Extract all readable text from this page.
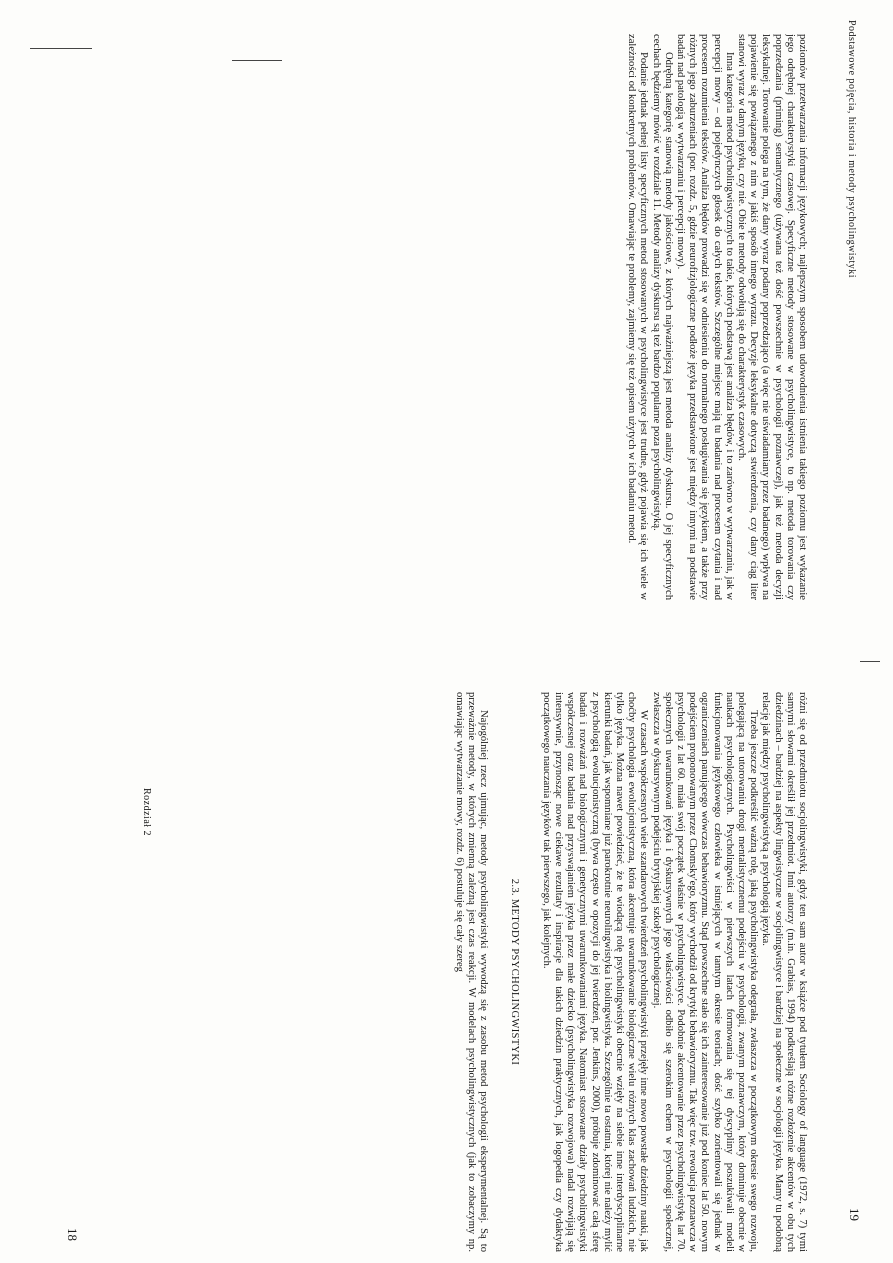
Rozdział 2
18	różni się od przedmiotu socjolingwistyki, gdyż ten sam autor w książce pod tytułem Sociology of language (1972, s. 7) tymi samymi słowami określił jej przedmiot. Inni autorzy (m.in. Grabias, 1994) podkreślają różne rozłożenie akcentów w obu tych dziedzinach – bardziej na aspekty lingwistyczne w socjolingwistyce i bardziej na społeczne w socjologii języka. Mamy tu podobną relację jak między psycholingwistyką a psychologią języka.

Trzeba jeszcze podkreślić ważną rolę, jaką psycholingwistyka odegrała, zwłaszcza w początkowym okresie swego rozwoju, polegającą na utorowaniu drogi mentalistycznemu podejściu w psychologii, zwanym poznawczym, który dominuje obecnie w naukach psychologicznych. Psycholingwiści w pierwszych latach formowania się tej dyscypliny poszukiwali modeli funkcjonowania językowego człowieka w istniejących w tamtym okresie teoriach; dość szybko zorientowali się jednak w ograniczeniach panującego wówczas behawioryzmu. Stąd powszechne stało się ich zainteresowanie już pod koniec lat 50. nowym podejściem proponowanym przez Chomsky'ego, który wychodził od krytyki behawioryzmu. Tak więc tzw. rewolucja poznawcza w psychologii z lat 60. miała swój początek właśnie w psycholingwistyce. Podobnie akcentowanie przez psycholingwistykę lat 70. społecznych uwarunkowań języka i dyskursywnych jego właściwości odbiło się szerokim echem w psychologii społecznej, zwłaszcza w dyskursywnym podejściu brytyjskiej szkoły psychologicznej.

W czasach współczesnych wiele szandarowych twierdzeń psycholingwistyki przejęły inne nowo powstałe dziedziny nauki, jak choćby psychologia ewolucjonistyczna, która akcentuje uwarunkowanie biologiczne wielu różnych klas zachowań ludzkich, nie tylko języka. Można nawet powiedzieć, że te wiodącą rolę psycholingwistyki obecnie wzięły na siebie inne interdyscyplinarne kierunki badań, jak wspomniane już parokrotnie neurolingwistyka i biolingwistyka. Szczególnie ta ostatnia, której nie należy mylić z psychologią ewolucjonistyczną (bywa często w opozycji do jej twierdzeń, por. Jenkins, 2000), próbuje zdominować całą sferę badań i rozważań nad biologicznymi i genetycznymi uwarunkowaniami języka. Natomiast stosowane działy psycholingwistyki współczesnej oraz badania nad przyswajaniem języka przez małe dziecko (psycholingwistyka rozwojowa) nadal rozwijają się intensywnie, przynosząc nowe ciekawe rezultaty i inspiracje dla takich dziedzin praktycznych, jak logopedia czy dydaktyka początkowego nauczania języków tak pierwszego, jak kolejnych.

2.3. METODY PSYCHOLINGWISTYKI

Najogólniej rzecz ujmując, metody psycholingwistyki wywodzą się z zasobu metod psychologii eksperymentalnej. Są to przeważnie metody, w których zmienną zależną jest czas reakcji. W modelach psycholingwistycznych (jak to zobaczymy np. omawiając wytwarzanie mowy, rozdz. 6) postuluje się cały szereg

Podstawowe pojęcia, historia i metody psycholingwistyki
19

poziomów przetwarzania informacji językowych; najlepszym sposobem udowodnienia istnienia takiego poziomu jest wykazanie jego odrębnej charakterystyki czasowej. Specyficzne metody stosowane w psycholingwistyce, to np. metoda torowania czy poprzedzania (priming) semantycznego (używana też dość powszechnie w psychologii poznawczej), jak też metoda decyzji leksykalnej. Torowanie polega na tym, że dany wyraz podany poprzedzająco (a więc nie uświadamiany przez badanego) wpływa na pojawienie się powiązanego z nim w jakiś sposób innego wyrazu. Decyzje leksykalne dotyczą stwierdzenia, czy dany ciąg liter stanowi wyraz w danym języku, czy nie. Obie te metody odwołują się do charakterystyk czasowych.

Inna kategoria metod psycholingwistycznych to takie, których podstawą jest analiza błędów, i to zarówno w wytwarzaniu, jak w percepcji mowy – od pojedynczych głosek do całych tekstów. Szczególne miejsce mają tu badania nad procesem czytania i nad procesem rozumienia tekstów. Analiza błędów prowadzi się w odniesieniu do normalnego posługiwania się językiem, a także przy różnych jego zaburzeniach (por. rozdz. 5, gdzie neurofizjologiczne podłoże języka przedstawione jest między innymi na podstawie badań nad patologią w wytwarzaniu i percepcji mowy).

Odrębną kategorię stanowią metody jakościowe, z których najważniejszą jest metoda analizy dyskursu. O jej specyficznych cechach będziemy mówić w rozdziale 11. Metody analizy dyskursu są też bardzo popularne poza psycholingwistyką.

Podanie jednak pełnej listy specyficznych metod stosowanych w psycholingwistyce jest trudne, gdyż pojawia się ich wiele w zależności od konkretnych problemów. Omawiając te problemy, zajmiemy się też opisem użytych w ich badaniu metod.
